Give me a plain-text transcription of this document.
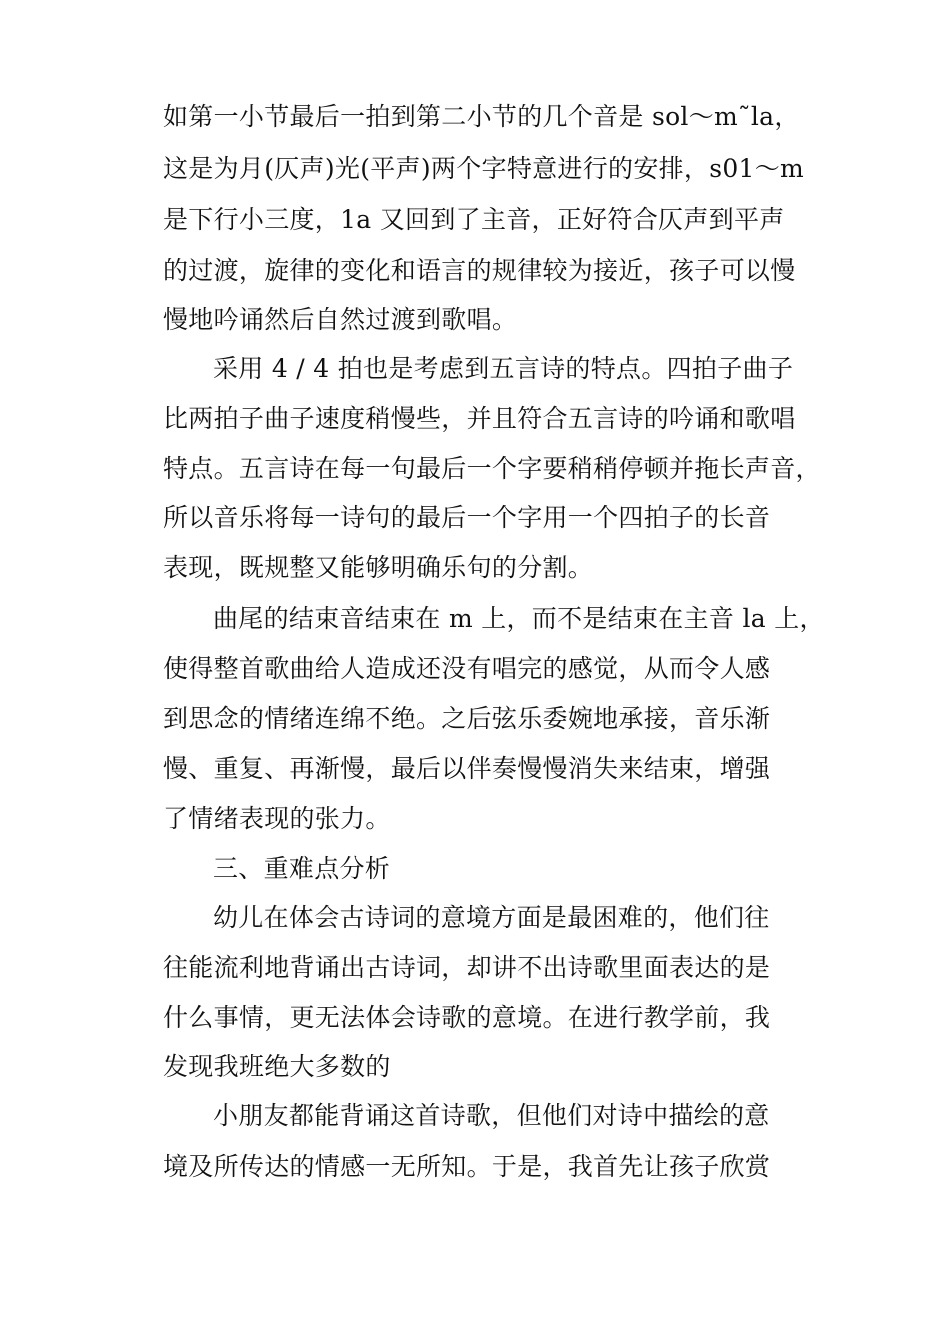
如第一小节最后一拍到第二小节的几个音是 sol～m˜la，
这是为月(仄声)光(平声)两个字特意进行的安排，s01～m
是下行小三度，1a 又回到了主音，正好符合仄声到平声
的过渡，旋律的变化和语言的规律较为接近，孩子可以慢
慢地吟诵然后自然过渡到歌唱。
采用 4 / 4 拍也是考虑到五言诗的特点。四拍子曲子
比两拍子曲子速度稍慢些，并且符合五言诗的吟诵和歌唱
特点。五言诗在每一句最后一个字要稍稍停顿并拖长声音，
所以音乐将每一诗句的最后一个字用一个四拍子的长音
表现，既规整又能够明确乐句的分割。
曲尾的结束音结束在 m 上，而不是结束在主音 la 上，
使得整首歌曲给人造成还没有唱完的感觉，从而令人感
到思念的情绪连绵不绝。之后弦乐委婉地承接，音乐渐
慢、重复、再渐慢，最后以伴奏慢慢消失来结束，增强
了情绪表现的张力。
三、重难点分析
幼儿在体会古诗词的意境方面是最困难的，他们往
往能流利地背诵出古诗词，却讲不出诗歌里面表达的是
什么事情，更无法体会诗歌的意境。在进行教学前，我
发现我班绝大多数的
小朋友都能背诵这首诗歌，但他们对诗中描绘的意
境及所传达的情感一无所知。于是，我首先让孩子欣赏
